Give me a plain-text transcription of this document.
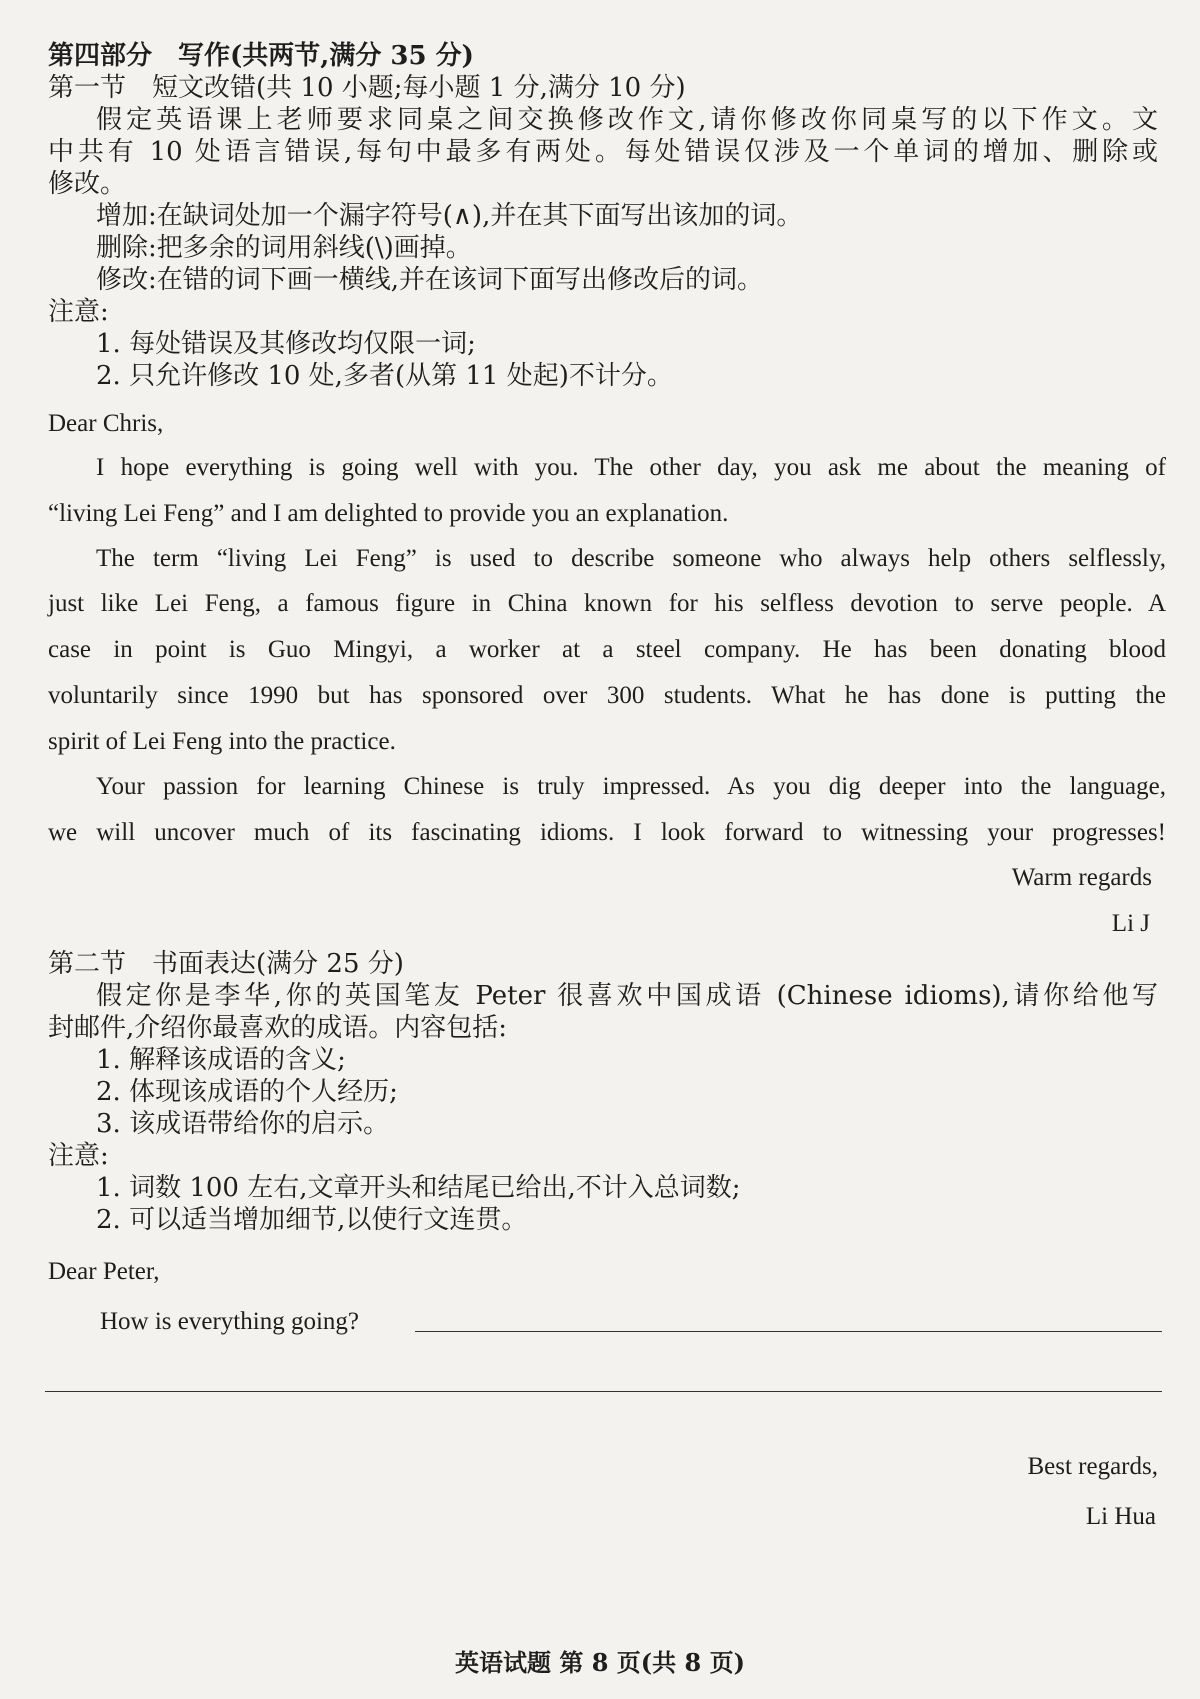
第四部分　写作(共两节,满分 35 分)
第一节　短文改错(共 10 小题;每小题 1 分,满分 10 分)
假定英语课上老师要求同桌之间交换修改作文,请你修改你同桌写的以下作文。文
中共有 10 处语言错误,每句中最多有两处。每处错误仅涉及一个单词的增加、删除或
修改。
增加:在缺词处加一个漏字符号(∧),并在其下面写出该加的词。
删除:把多余的词用斜线(\)画掉。
修改:在错的词下画一横线,并在该词下面写出修改后的词。
注意:
1. 每处错误及其修改均仅限一词;
2. 只允许修改 10 处,多者(从第 11 处起)不计分。
Dear Chris,
I hope everything is going well with you. The other day, you ask me about the meaning of
“living Lei Feng” and I am delighted to provide you an explanation.
The term “living Lei Feng” is used to describe someone who always help others selflessly,
just like Lei Feng, a famous figure in China known for his selfless devotion to serve people. A
case in point is Guo Mingyi, a worker at a steel company. He has been donating blood
voluntarily since 1990 but has sponsored over 300 students. What he has done is putting the
spirit of Lei Feng into the practice.
Your passion for learning Chinese is truly impressed. As you dig deeper into the language,
we will uncover much of its fascinating idioms. I look forward to witnessing your progresses!
Warm regards
Li J
第二节　书面表达(满分 25 分)
假定你是李华,你的英国笔友 Peter 很喜欢中国成语 (Chinese idioms),请你给他写
封邮件,介绍你最喜欢的成语。内容包括:
1. 解释该成语的含义;
2. 体现该成语的个人经历;
3. 该成语带给你的启示。
注意:
1. 词数 100 左右,文章开头和结尾已给出,不计入总词数;
2. 可以适当增加细节,以使行文连贯。
Dear Peter,
How is everything going?
Best regards,
Li Hua
英语试题 第 8 页(共 8 页)
